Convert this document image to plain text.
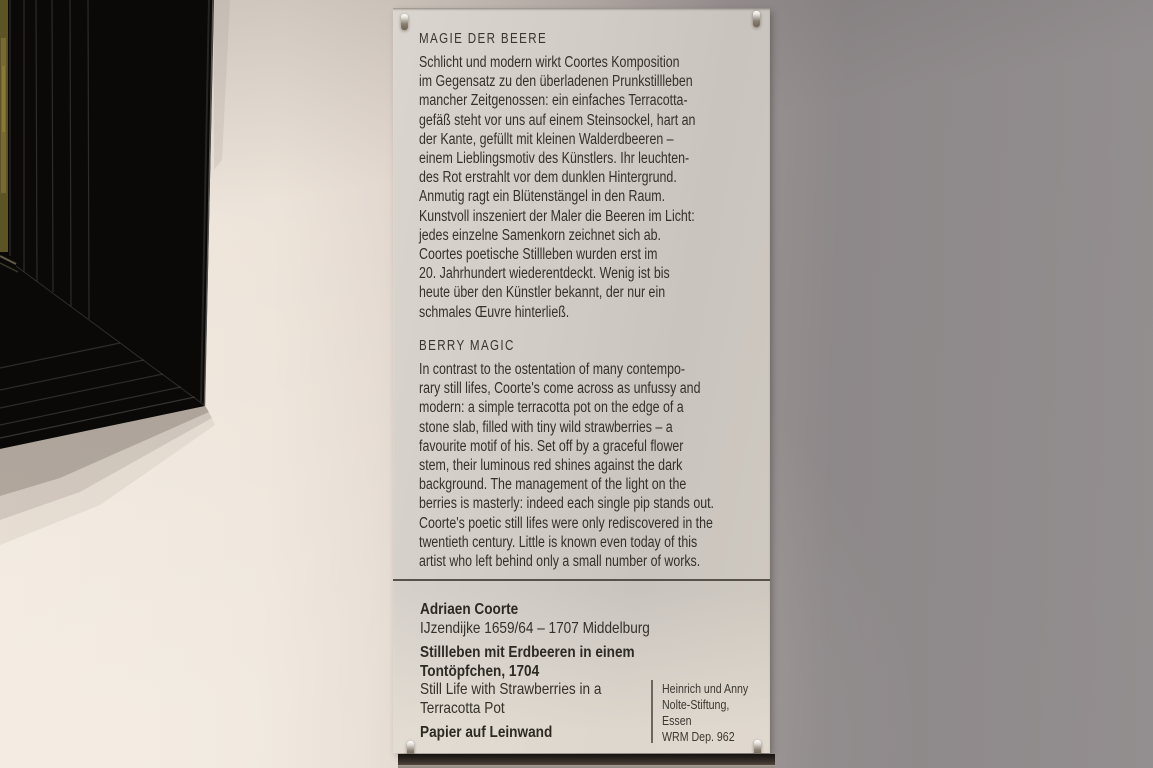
MAGIE DER BEERE
Schlicht und modern wirkt Coortes Komposition
im Gegensatz zu den überladenen Prunkstillleben
mancher Zeitgenossen: ein einfaches Terracotta-
gefäß steht vor uns auf einem Steinsockel, hart an
der Kante, gefüllt mit kleinen Walderdbeeren –
einem Lieblingsmotiv des Künstlers. Ihr leuchten-
des Rot erstrahlt vor dem dunklen Hintergrund.
Anmutig ragt ein Blütenstängel in den Raum.
Kunstvoll inszeniert der Maler die Beeren im Licht:
jedes einzelne Samenkorn zeichnet sich ab.
Coortes poetische Stillleben wurden erst im
20. Jahrhundert wiederentdeckt. Wenig ist bis
heute über den Künstler bekannt, der nur ein
schmales Œuvre hinterließ.
BERRY MAGIC
In contrast to the ostentation of many contempo-
rary still lifes, Coorte's come across as unfussy and
modern: a simple terracotta pot on the edge of a
stone slab, filled with tiny wild strawberries – a
favourite motif of his. Set off by a graceful flower
stem, their luminous red shines against the dark
background. The management of the light on the
berries is masterly: indeed each single pip stands out.
Coorte's poetic still lifes were only rediscovered in the
twentieth century. Little is known even today of this
artist who left behind only a small number of works.
Adriaen Coorte
IJzendijke 1659/64 – 1707 Middelburg
Stillleben mit Erdbeeren in einem
Tontöpfchen, 1704
Still Life with Strawberries in a
Terracotta Pot
Papier auf Leinwand
Heinrich und Anny
Nolte-Stiftung,
Essen
WRM Dep. 962
